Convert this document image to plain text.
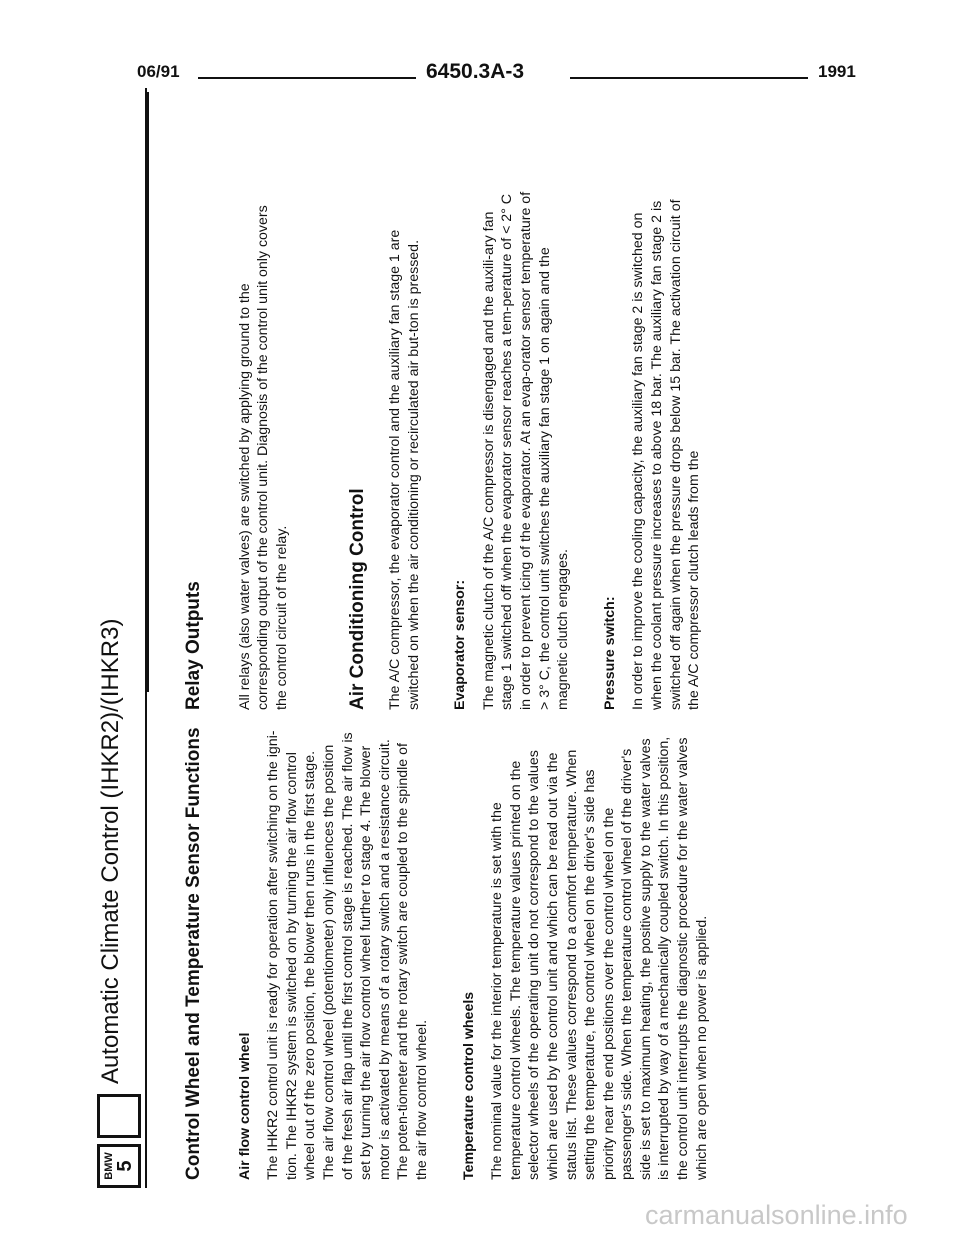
06/91	6450.3A-3	1991
BMW 5
Automatic Climate Control (IHKR2)/(IHKR3)	Control Wheel and Temperature Sensor Functions Air flow control wheel The IHKR2 control unit is ready for operation after switching on the igni-tion. The IHKR2 system is switched on by turning the air flow control wheel out of the zero position, the blower then runs in the first stage. The air flow control wheel (potentiometer) only influences the position of the fresh air flap until the first control stage is reached. The air flow is set by turning the air flow control wheel further to stage 4. The blower motor is activated by means of a rotary switch and a resistance circuit. The poten-tiometer and the rotary switch are coupled to the spindle of the air flow control wheel. Temperature control wheels The nominal value for the interior temperature is set with the temperature control wheels. The temperature values printed on the selector wheels of the operating unit do not correspond to the values which are used by the control unit and which can be read out via the status list. These values correspond to a comfort temperature. When setting the temperature, the control wheel on the driver's side has priority near the end positions over the control wheel on the passenger's side. When the temperature control wheel of the driver's side is set to maximum heating, the positive supply to the water valves is interrupted by way of a mechanically coupled switch. In this position, the control unit interrupts the diagnostic procedure for the water valves which are open when no power is applied.

Relay Outputs All relays (also water valves) are switched by applying ground to the corresponding output of the control unit. Diagnosis of the control unit only covers the control circuit of the relay.	Air Conditioning Control The A/C compressor, the evaporator control and the auxiliary fan stage 1 are switched on when the air conditioning or recirculated air but-ton is pressed. Evaporator sensor: The magnetic clutch of the A/C compressor is disengaged and the auxili-ary fan stage 1 switched off when the evaporator sensor reaches a tem-perature of < 2° C in order to prevent icing of the evaporator. At an evap-orator sensor temperature of > 3° C, the control unit switches the auxiliary fan stage 1 on again and the magnetic clutch engages. Pressure switch: In order to improve the cooling capacity, the auxiliary fan stage 2 is switched on when the coolant pressure increases to above 18 bar. The auxiliary fan stage 2 is switched off again when the pressure drops below 15 bar. The activation circuit of the A/C compressor clutch leads from the

carmanualsonline.info
